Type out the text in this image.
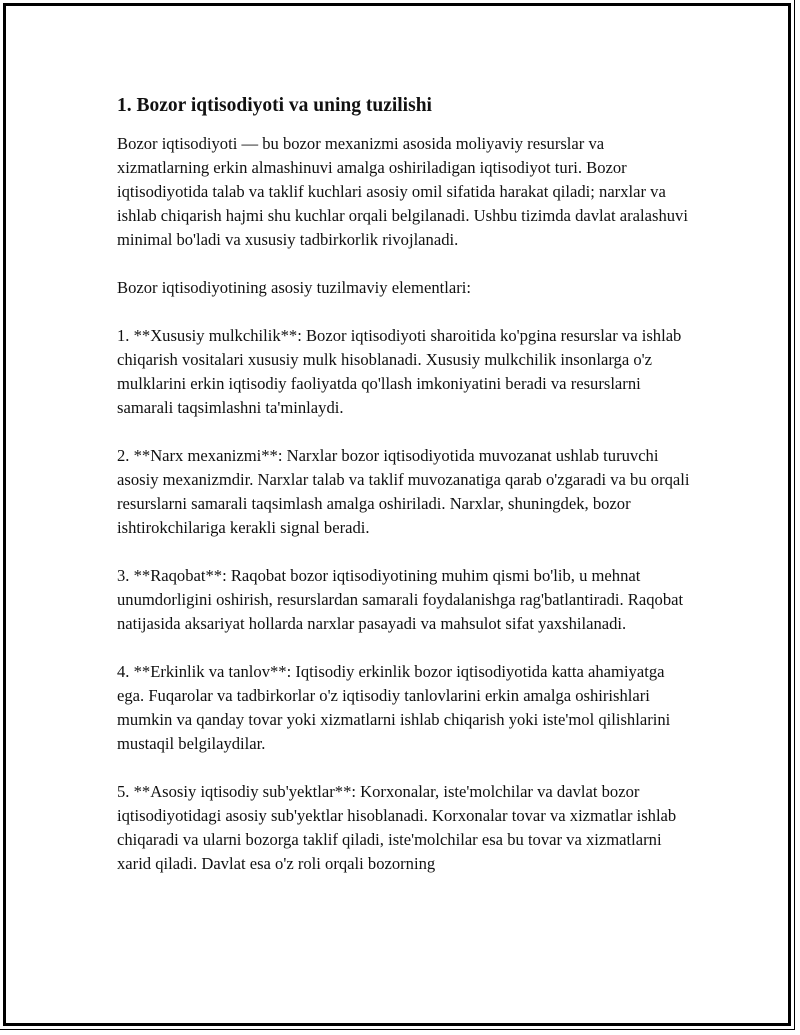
1. Bozor iqtisodiyoti va uning tuzilishi

Bozor iqtisodiyoti — bu bozor mexanizmi asosida moliyaviy resurslar va xizmatlarning erkin almashinuvi amalga oshiriladigan iqtisodiyot turi. Bozor iqtisodiyotida talab va taklif kuchlari asosiy omil sifatida harakat qiladi; narxlar va ishlab chiqarish hajmi shu kuchlar orqali belgilanadi. Ushbu tizimda davlat aralashuvi minimal bo'ladi va xususiy tadbirkorlik rivojlanadi.

Bozor iqtisodiyotining asosiy tuzilmaviy elementlari:

1. **Xususiy mulkchilik**: Bozor iqtisodiyoti sharoitida ko'pgina resurslar va ishlab chiqarish vositalari xususiy mulk hisoblanadi. Xususiy mulkchilik insonlarga o'z mulklarini erkin iqtisodiy faoliyatda qo'llash imkoniyatini beradi va resurslarni samarali taqsimlashni ta'minlaydi.

2. **Narx mexanizmi**: Narxlar bozor iqtisodiyotida muvozanat ushlab turuvchi asosiy mexanizmdir. Narxlar talab va taklif muvozanatiga qarab o'zgaradi va bu orqali resurslarni samarali taqsimlash amalga oshiriladi. Narxlar, shuningdek, bozor ishtirokchilariga kerakli signal beradi.

3. **Raqobat**: Raqobat bozor iqtisodiyotining muhim qismi bo'lib, u mehnat unumdorligini oshirish, resurslardan samarali foydalanishga rag'batlantiradi. Raqobat natijasida aksariyat hollarda narxlar pasayadi va mahsulot sifat yaxshilanadi.

4. **Erkinlik va tanlov**: Iqtisodiy erkinlik bozor iqtisodiyotida katta ahamiyatga ega. Fuqarolar va tadbirkorlar o'z iqtisodiy tanlovlarini erkin amalga oshirishlari mumkin va qanday tovar yoki xizmatlarni ishlab chiqarish yoki iste'mol qilishlarini mustaqil belgilaydilar.

5. **Asosiy iqtisodiy sub'yektlar**: Korxonalar, iste'molchilar va davlat bozor iqtisodiyotidagi asosiy sub'yektlar hisoblanadi. Korxonalar tovar va xizmatlar ishlab chiqaradi va ularni bozorga taklif qiladi, iste'molchilar esa bu tovar va xizmatlarni xarid qiladi. Davlat esa o'z roli orqali bozorning
